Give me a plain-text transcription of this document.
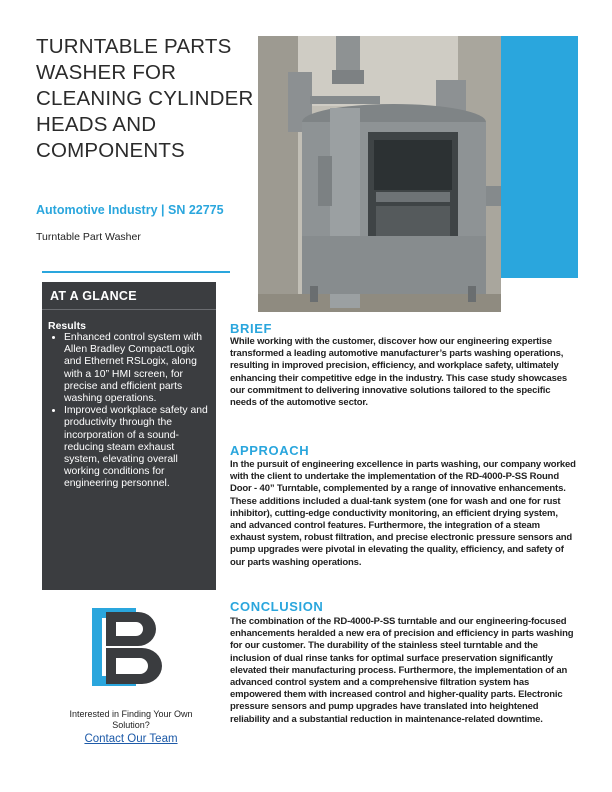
TURNTABLE PARTS WASHER FOR CLEANING CYLINDER HEADS AND COMPONENTS
Automotive Industry | SN 22775
Turntable Part Washer
AT A GLANCE
Results
• Enhanced control system with Allen Bradley CompactLogix and Ethernet RSLogix, along with a 10” HMI screen, for precise and efficient parts washing operations.
• Improved workplace safety and productivity through the incorporation of a sound-reducing steam exhaust system, elevating overall working conditions for engineering personnel.
Interested in Finding Your Own Solution?
Contact Our Team
BRIEF

While working with the customer, discover how our engineering expertise transformed a leading automotive manufacturer’s parts washing operations, resulting in improved precision, efficiency, and workplace safety, ultimately enhancing their competitive edge in the industry. This case study showcases our commitment to delivering innovative solutions tailored to the specific needs of the automotive sector.

APPROACH

In the pursuit of engineering excellence in parts washing, our company worked with the client to undertake the implementation of the RD-4000-P-SS Round Door - 40” Turntable, complemented by a range of innovative enhancements. These additions included a dual-tank system (one for wash and one for rust inhibitor), cutting-edge conductivity monitoring, an efficient drying system, and advanced control features. Furthermore, the integration of a steam exhaust system, robust filtration, and precise electronic pressure sensors and pump upgrades were pivotal in elevating the quality, efficiency, and safety of our parts washing operations.

CONCLUSION

The combination of the RD-4000-P-SS turntable and our engineering-focused enhancements heralded a new era of precision and efficiency in parts washing for our customer. The durability of the stainless steel turntable and the inclusion of dual rinse tanks for optimal surface preservation significantly elevated their manufacturing process. Furthermore, the implementation of an advanced control system and a comprehensive filtration system has empowered them with increased control and higher-quality parts. Electronic pressure sensors and pump upgrades have translated into heightened reliability and a substantial reduction in maintenance-related downtime.
